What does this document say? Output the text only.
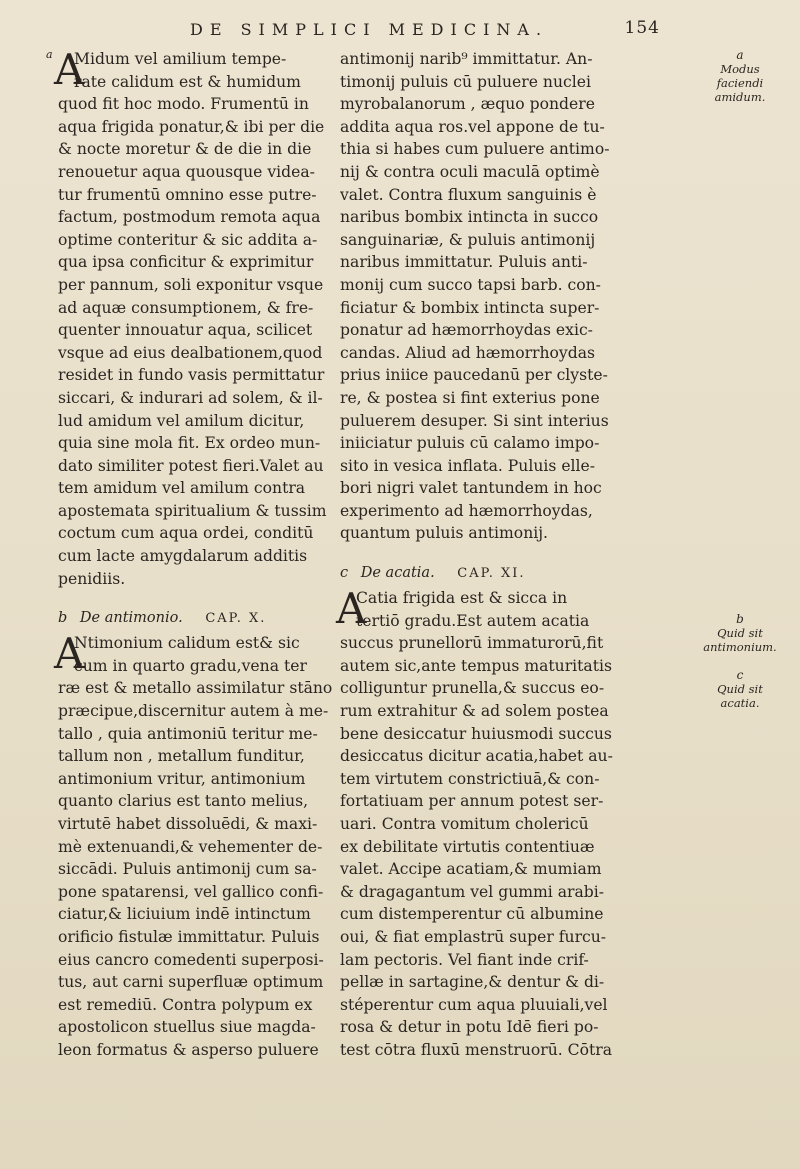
DE SIMPLICI MEDICINA.	154
a A
Midum vel amilium tempe-
rate calidum est & humidum
quod fit hoc modo. Frumentū in
aqua frigida ponatur,& ibi per die
& nocte moretur & de die in die
renouetur aqua quousque videa-
tur frumentū omnino esse putre-
factum, postmodum remota aqua
optime conteritur & sic addita a-
qua ipsa conficitur & exprimitur
per pannum, soli exponitur vsque
ad aquæ consumptionem, & fre-
quenter innouatur aqua, scilicet
vsque ad eius dealbationem,quod
residet in fundo vasis permittatur
siccari, & indurari ad solem, & il-
lud amidum vel amilum dicitur,
quia sine mola fit. Ex ordeo mun-
dato similiter potest fieri.Valet au
tem amidum vel amilum contra
apostemata spiritualium & tussim
coctum cum aqua ordei, conditū
cum lacte amygdalarum additis
penidiis.
b De antimonio. CAP. X.
A
Ntimonium calidum est& sic
cum in quarto gradu,vena ter
ræ est & metallo assimilatur stāno
præcipue,discernitur autem à me-
tallo , quia antimoniū teritur me-
tallum non , metallum funditur,
antimonium vritur, antimonium
quanto clarius est tanto melius,
virtutē habet dissoluēdi, & maxi-
mè extenuandi,& vehementer de-
siccādi. Puluis antimonij cum sa-
pone spatarensi, vel gallico confi-
ciatur,& liciuium indē intinctum
orificio fistulæ immittatur. Puluis
eius cancro comedenti superposi-
tus, aut carni superfluæ optimum
est remediū. Contra polypum ex
apostolicon stuellus siue magda-
leon formatus & asperso puluere
antimonij narib⁹ immittatur. An-
timonij puluis cū puluere nuclei
myrobalanorum , æquo pondere
addita aqua ros.vel appone de tu-
thia si habes cum puluere antimo-
nij & contra oculi maculā optimè
valet. Contra fluxum sanguinis è
naribus bombix intincta in succo
sanguinariæ, & puluis antimonij
naribus immittatur. Puluis anti-
monij cum succo tapsi barb. con-
ficiatur & bombix intincta super-
ponatur ad hæmorrhoydas exic-
candas. Aliud ad hæmorrhoydas
prius iniice paucedanū per clyste-
re, & postea si fint exterius pone
puluerem desuper. Si sint interius
iniiciatur puluis cū calamo impo-
sito in vesica inflata. Puluis elle-
bori nigri valet tantundem in hoc
experimento ad hæmorrhoydas,
quantum puluis antimonij.
c De acatia. CAP. XI.
A
Catia frigida est & sicca in
tertiō gradu.Est autem acatia
succus prunellorū immaturorū,fit
autem sic,ante tempus maturitatis
colliguntur prunella,& succus eo-
rum extrahitur & ad solem postea
bene desiccatur huiusmodi succus
desiccatus dicitur acatia,habet au-
tem virtutem constrictiuā,& con-
fortatiuam per annum potest ser-
uari. Contra vomitum cholericū
ex debilitate virtutis contentiuæ
valet. Accipe acatiam,& mumiam
& dragagantum vel gummi arabi-
cum distemperentur cū albumine
oui, & fiat emplastrū super furcu-
lam pectoris. Vel fiant inde crif-
pellæ in sartagine,& dentur & di-
stéperentur cum aqua pluuiali,vel
rosa & detur in potu Idē fieri po-
test cōtra fluxū menstruorū. Cōtra
a
Modus faciendi amidum.
b
Quid sit antimonium.
c
Quid sit acatia.
